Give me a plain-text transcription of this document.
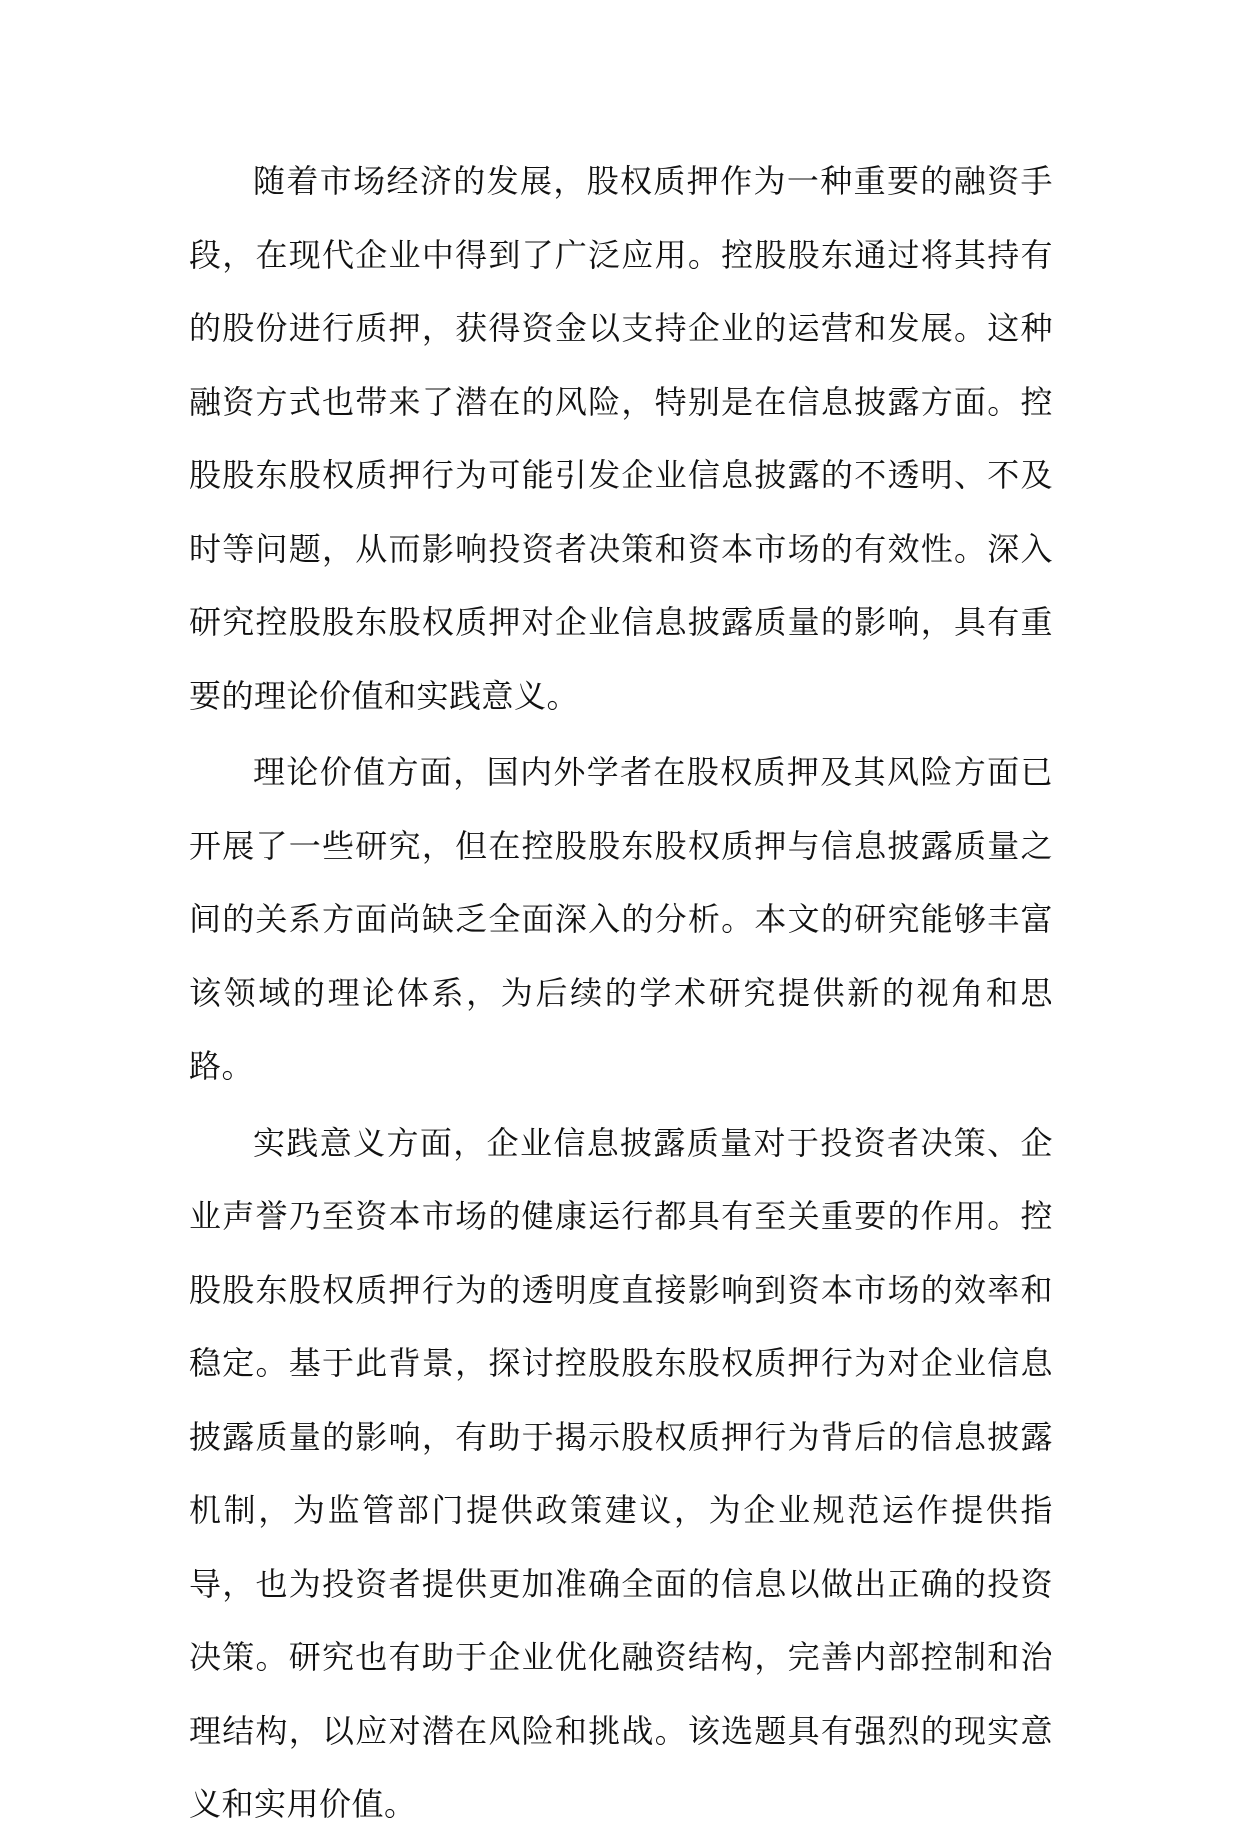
随着市场经济的发展，股权质押作为一种重要的融资手段，在现代企业中得到了广泛应用。控股股东通过将其持有的股份进行质押，获得资金以支持企业的运营和发展。这种融资方式也带来了潜在的风险，特别是在信息披露方面。控股股东股权质押行为可能引发企业信息披露的不透明、不及时等问题，从而影响投资者决策和资本市场的有效性。深入研究控股股东股权质押对企业信息披露质量的影响，具有重要的理论价值和实践意义。

理论价值方面，国内外学者在股权质押及其风险方面已开展了一些研究，但在控股股东股权质押与信息披露质量之间的关系方面尚缺乏全面深入的分析。本文的研究能够丰富该领域的理论体系，为后续的学术研究提供新的视角和思路。

实践意义方面，企业信息披露质量对于投资者决策、企业声誉乃至资本市场的健康运行都具有至关重要的作用。控股股东股权质押行为的透明度直接影响到资本市场的效率和稳定。基于此背景，探讨控股股东股权质押行为对企业信息披露质量的影响，有助于揭示股权质押行为背后的信息披露机制，为监管部门提供政策建议，为企业规范运作提供指导，也为投资者提供更加准确全面的信息以做出正确的投资决策。研究也有助于企业优化融资结构，完善内部控制和治理结构，以应对潜在风险和挑战。该选题具有强烈的现实意义和实用价值。
